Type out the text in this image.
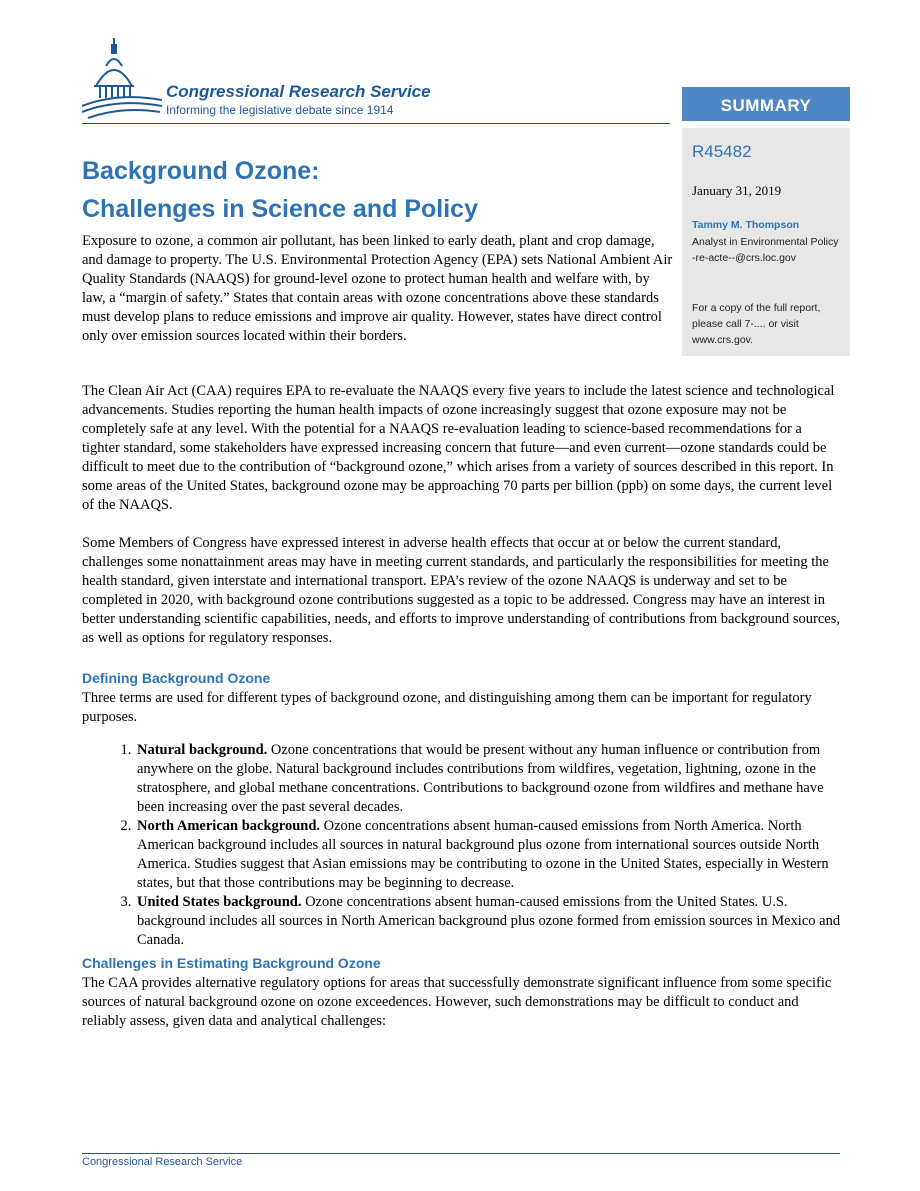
Congressional Research Service
Informing the legislative debate since 1914	SUMMARY
R45482
January 31, 2019
Tammy M. Thompson
Analyst in Environmental Policy
-re-acte--@crs.loc.gov
For a copy of the full report, please call 7-.... or visit www.crs.gov.
Background Ozone:
Challenges in Science and Policy

Exposure to ozone, a common air pollutant, has been linked to early death, plant and crop damage, and damage to property. The U.S. Environmental Protection Agency (EPA) sets National Ambient Air Quality Standards (NAAQS) for ground-level ozone to protect human health and welfare with, by law, a “margin of safety.” States that contain areas with ozone concentrations above these standards must develop plans to reduce emissions and improve air quality. However, states have direct control only over emission sources located within their borders.

The Clean Air Act (CAA) requires EPA to re-evaluate the NAAQS every five years to include the latest science and technological advancements. Studies reporting the human health impacts of ozone increasingly suggest that ozone exposure may not be completely safe at any level. With the potential for a NAAQS re-evaluation leading to science-based recommendations for a tighter standard, some stakeholders have expressed increasing concern that future—and even current—ozone standards could be difficult to meet due to the contribution of “background ozone,” which arises from a variety of sources described in this report. In some areas of the United States, background ozone may be approaching 70 parts per billion (ppb) on some days, the current level of the NAAQS.

Some Members of Congress have expressed interest in adverse health effects that occur at or below the current standard, challenges some nonattainment areas may have in meeting current standards, and particularly the responsibilities for meeting the health standard, given interstate and international transport. EPA’s review of the ozone NAAQS is underway and set to be completed in 2020, with background ozone contributions suggested as a topic to be addressed. Congress may have an interest in better understanding scientific capabilities, needs, and efforts to improve understanding of contributions from background sources, as well as options for regulatory responses.

Defining Background Ozone

Three terms are used for different types of background ozone, and distinguishing among them can be important for regulatory purposes.

1. Natural background. Ozone concentrations that would be present without any human influence or contribution from anywhere on the globe. Natural background includes contributions from wildfires, vegetation, lightning, ozone in the stratosphere, and global methane concentrations. Contributions to background ozone from wildfires and methane have been increasing over the past several decades.
2. North American background. Ozone concentrations absent human-caused emissions from North America. North American background includes all sources in natural background plus ozone from international sources outside North America. Studies suggest that Asian emissions may be contributing to ozone in the United States, especially in Western states, but that those contributions may be beginning to decrease.
3. United States background. Ozone concentrations absent human-caused emissions from the United States. U.S. background includes all sources in North American background plus ozone formed from emission sources in Mexico and Canada.
Challenges in Estimating Background Ozone

The CAA provides alternative regulatory options for areas that successfully demonstrate significant influence from some specific sources of natural background ozone on ozone exceedences. However, such demonstrations may be difficult to conduct and reliably assess, given data and analytical challenges:

Congressional Research Service
